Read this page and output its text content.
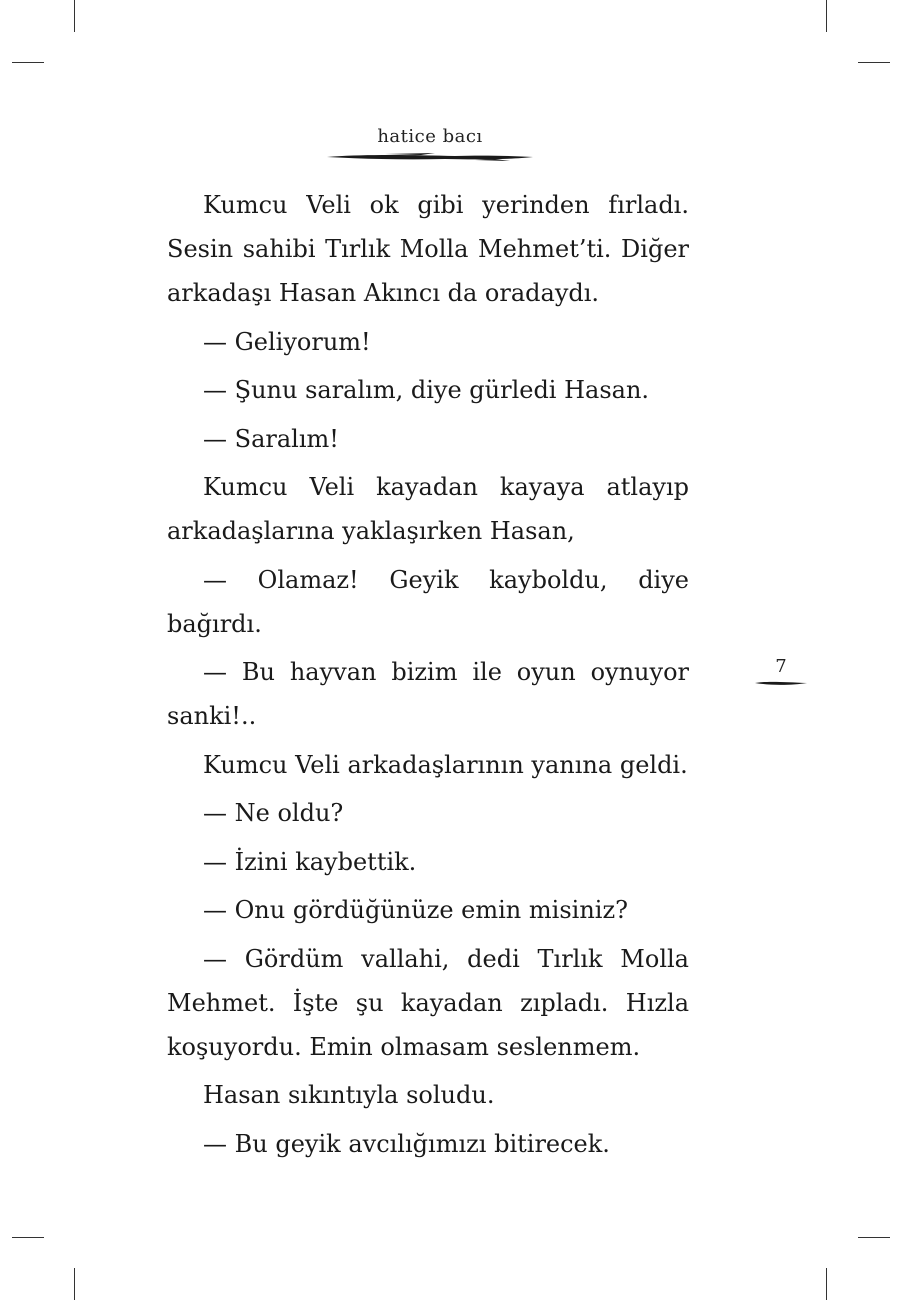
hatice bacı

Kumcu Veli ok gibi yerinden fırladı. Sesin sahibi Tırlık Molla Mehmet’ti. Diğer arkadaşı Hasan Akıncı da oradaydı.

— Geliyorum!

— Şunu saralım, diye gürledi Hasan.

— Saralım!

Kumcu Veli kayadan kayaya atlayıp arkadaşlarına yaklaşırken Hasan,

— Olamaz! Geyik kayboldu, diye bağırdı.

— Bu hayvan bizim ile oyun oynuyor sanki!..

Kumcu Veli arkadaşlarının yanına geldi.

— Ne oldu?

— İzini kaybettik.

— Onu gördüğünüze emin misiniz?

— Gördüm vallahi, dedi Tırlık Molla Mehmet. İşte şu kayadan zıpladı. Hızla koşuyordu. Emin olmasam seslenmem.

Hasan sıkıntıyla soludu.

— Bu geyik avcılığımızı bitirecek.

7
